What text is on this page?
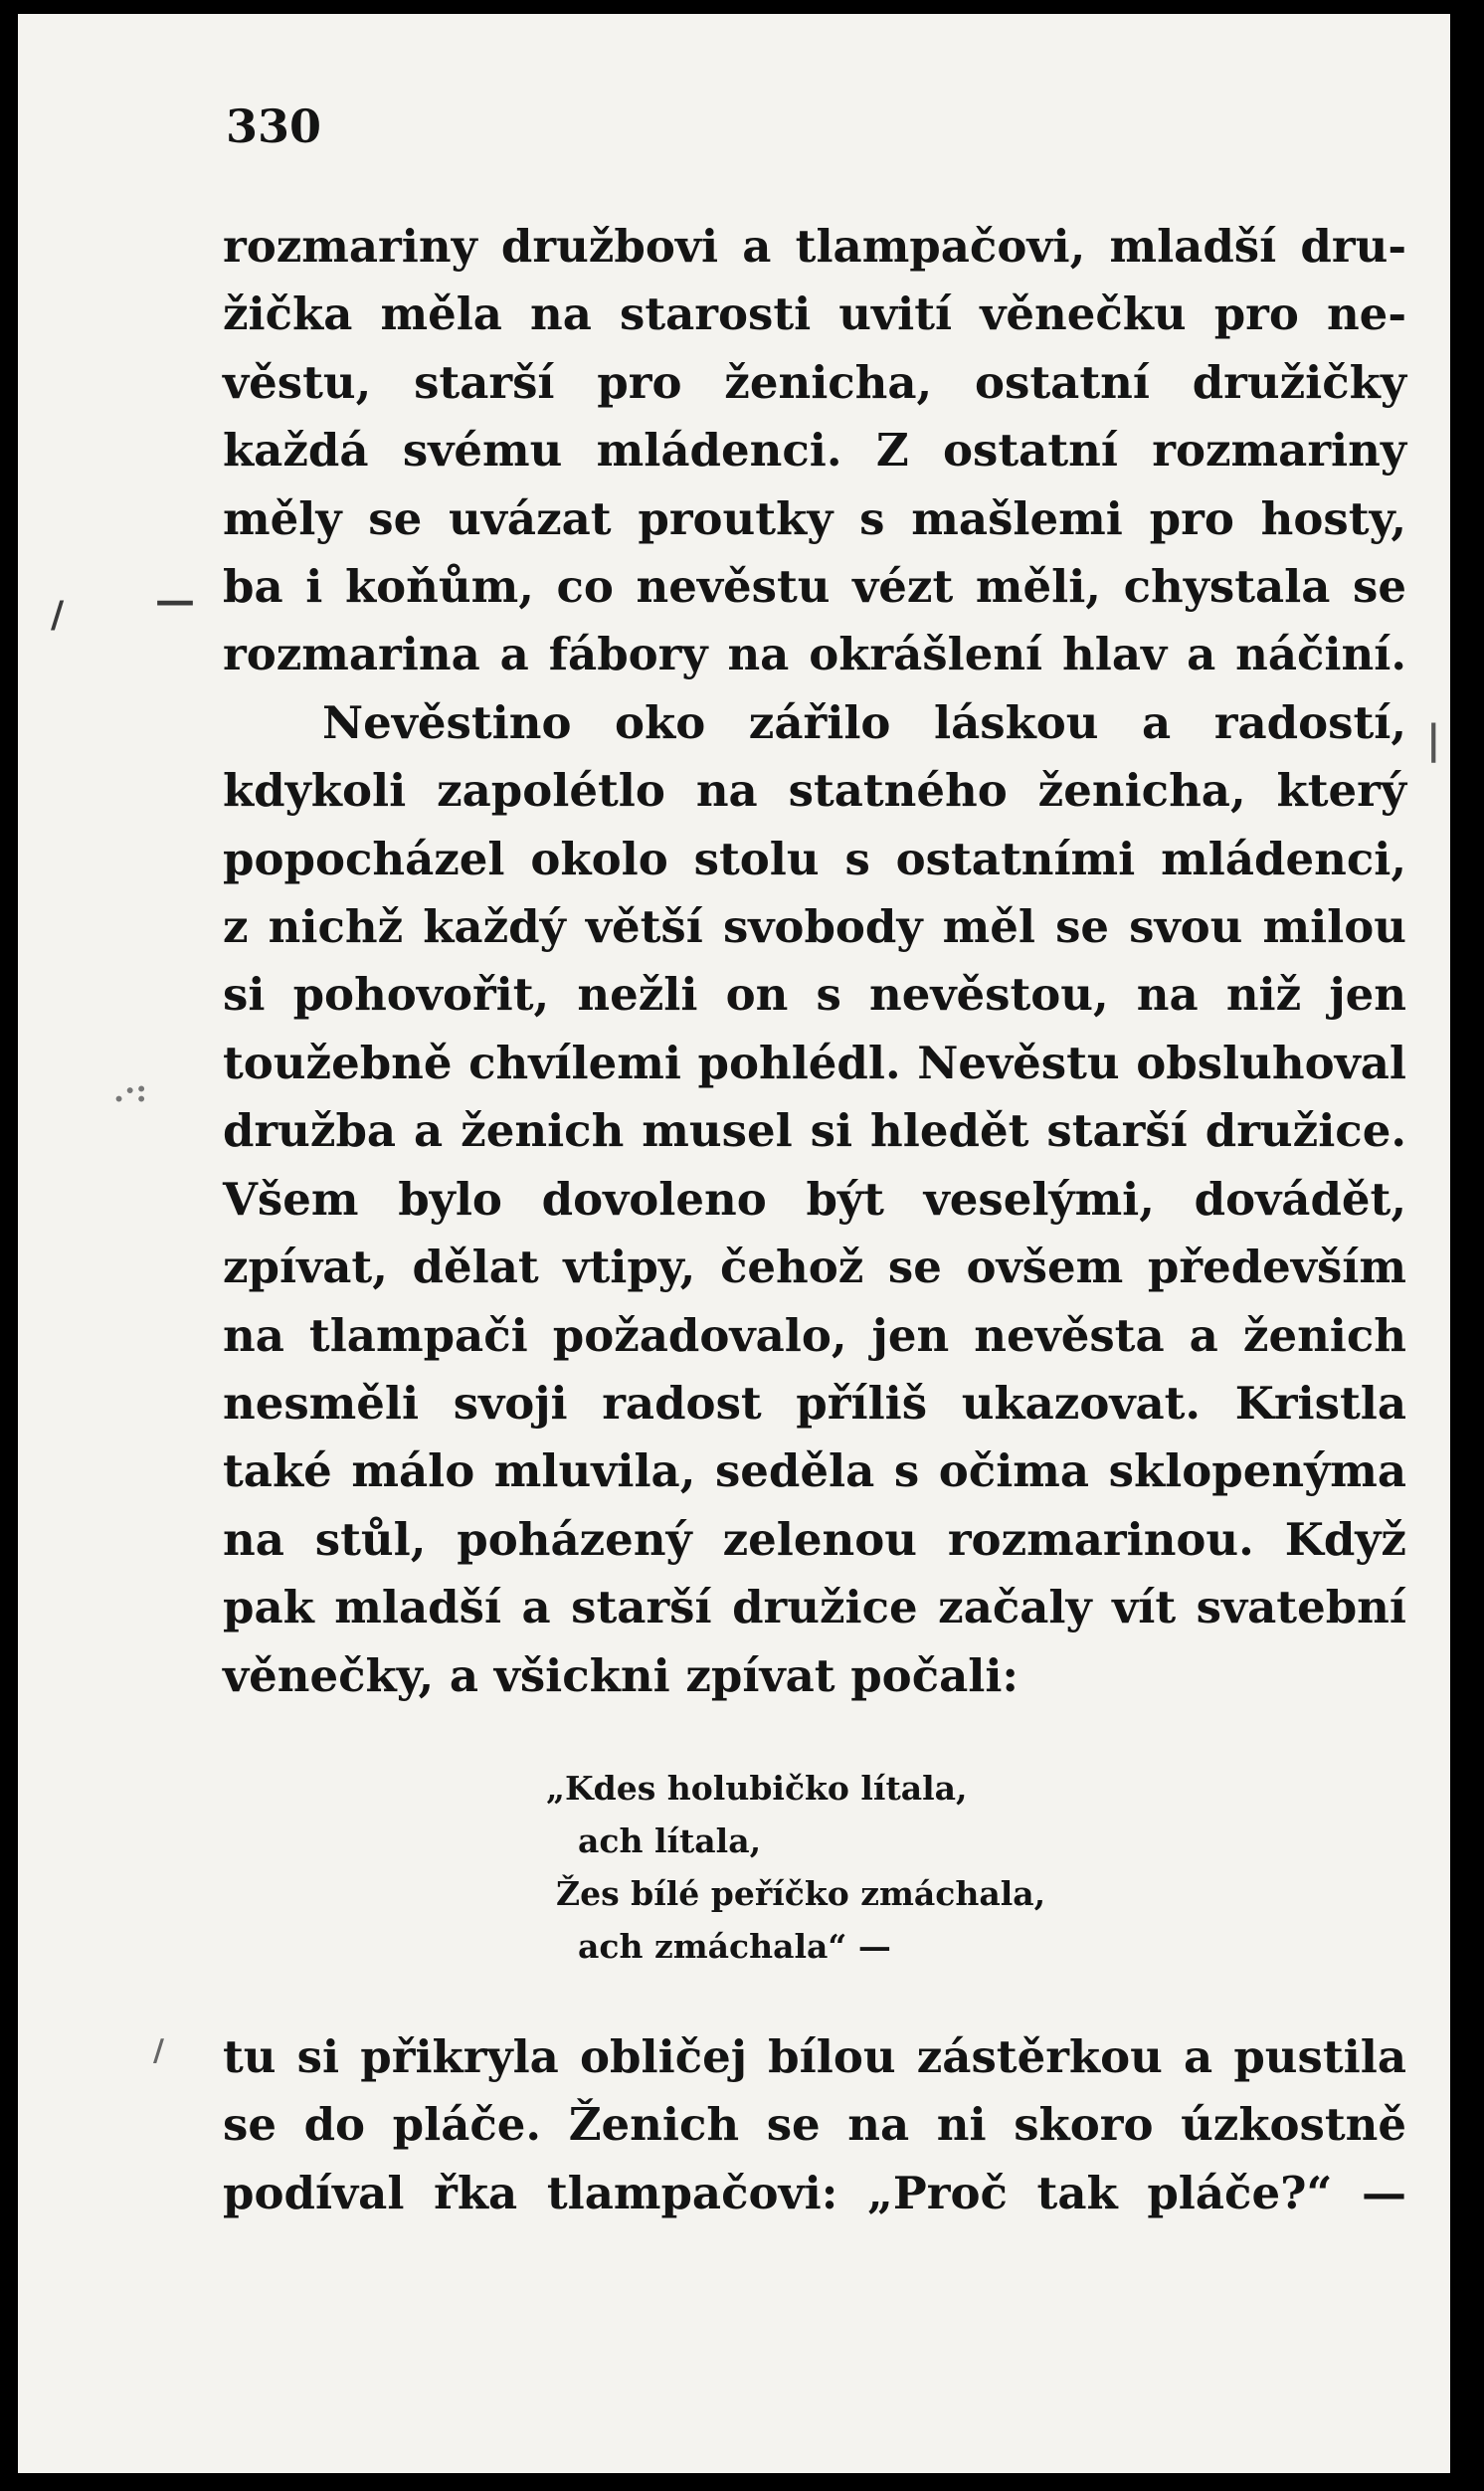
330
/ —
|
.·:
/
rozmariny družbovi a tlampačovi, mladší dru-
žička měla na starosti uvití věnečku pro ne-
věstu, starší pro ženicha, ostatní družičky
každá svému mládenci. Z ostatní rozmariny
měly se uvázat proutky s mašlemi pro hosty,
ba i koňům, co nevěstu vézt měli, chystala se
rozmarina a fábory na okrášlení hlav a náčiní.
Nevěstino oko zářilo láskou a radostí,
kdykoli zapolétlo na statného ženicha, který
popocházel okolo stolu s ostatními mládenci,
z nichž každý větší svobody měl se svou milou
si pohovořit, nežli on s nevěstou, na niž jen
toužebně chvílemi pohlédl. Nevěstu obsluhoval
družba a ženich musel si hledět starší družice.
Všem bylo dovoleno být veselými, dovádět,
zpívat, dělat vtipy, čehož se ovšem především
na tlampači požadovalo, jen nevěsta a ženich
nesměli svoji radost příliš ukazovat. Kristla
také málo mluvila, seděla s očima sklopenýma
na stůl, poházený zelenou rozmarinou. Když
pak mladší a starší družice začaly vít svatební
věnečky, a všickni zpívat počali:
„Kdes holubičko lítala,
ach lítala,
Žes bílé peříčko zmáchala,
ach zmáchala“ —
tu si přikryla obličej bílou zástěrkou a pustila
se do pláče. Ženich se na ni skoro úzkostně
podíval řka tlampačovi: „Proč tak pláče?“ —
